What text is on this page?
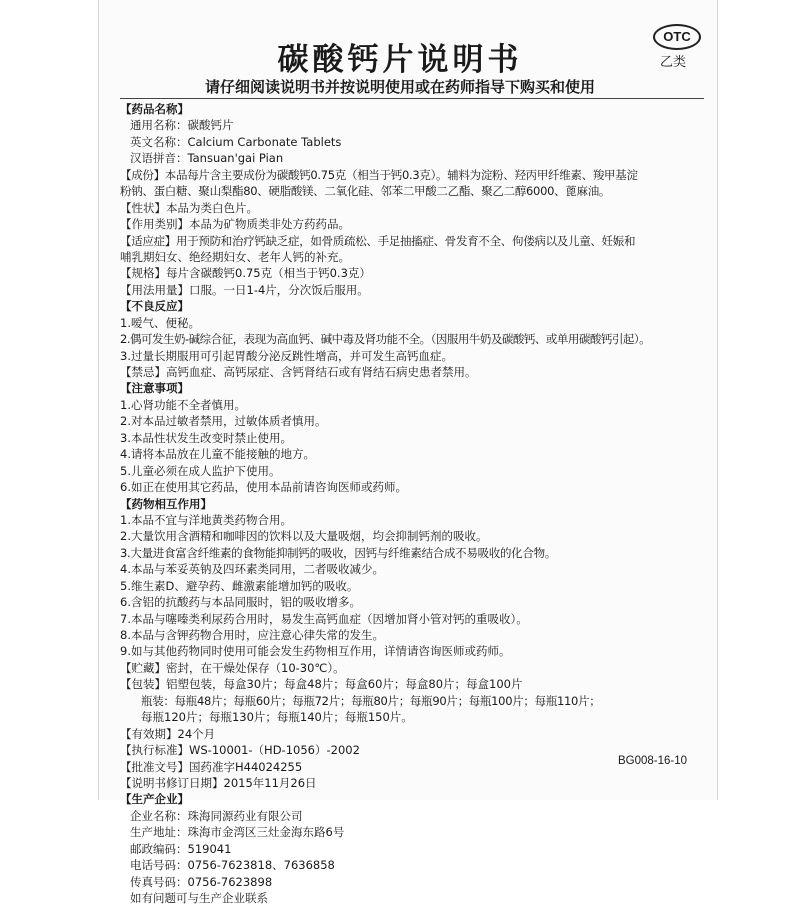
OTC
乙类
碳酸钙片说明书
请仔细阅读说明书并按说明使用或在药师指导下购买和使用
【药品名称】
通用名称：碳酸钙片
英文名称：Calcium Carbonate Tablets
汉语拼音：Tansuan'gai Pian
【成份】本品每片含主要成份为碳酸钙0.75克（相当于钙0.3克）。辅料为淀粉、羟丙甲纤维素、羧甲基淀
粉钠、蛋白糖、聚山梨酯80、硬脂酸镁、二氧化硅、邻苯二甲酸二乙酯、聚乙二醇6000、蓖麻油。
【性状】本品为类白色片。
【作用类别】本品为矿物质类非处方药药品。
【适应症】用于预防和治疗钙缺乏症，如骨质疏松、手足抽搐症、骨发育不全、佝偻病以及儿童、妊娠和
哺乳期妇女、绝经期妇女、老年人钙的补充。
【规格】每片含碳酸钙0.75克（相当于钙0.3克）
【用法用量】口服。一日1-4片，分次饭后服用。
【不良反应】
1.嗳气、便秘。
2.偶可发生奶-碱综合征，表现为高血钙、碱中毒及肾功能不全。（因服用牛奶及碳酸钙、或单用碳酸钙引起）。
3.过量长期服用可引起胃酸分泌反跳性增高，并可发生高钙血症。
【禁忌】高钙血症、高钙尿症、含钙肾结石或有肾结石病史患者禁用。
【注意事项】
1.心肾功能不全者慎用。
2.对本品过敏者禁用，过敏体质者慎用。
3.本品性状发生改变时禁止使用。
4.请将本品放在儿童不能接触的地方。
5.儿童必须在成人监护下使用。
6.如正在使用其它药品，使用本品前请咨询医师或药师。
【药物相互作用】
1.本品不宜与洋地黄类药物合用。
2.大量饮用含酒精和咖啡因的饮料以及大量吸烟，均会抑制钙剂的吸收。
3.大量进食富含纤维素的食物能抑制钙的吸收，因钙与纤维素结合成不易吸收的化合物。
4.本品与苯妥英钠及四环素类同用，二者吸收减少。
5.维生素D、避孕药、雌激素能增加钙的吸收。
6.含铝的抗酸药与本品同服时，铝的吸收增多。
7.本品与噻嗪类利尿药合用时，易发生高钙血症（因增加肾小管对钙的重吸收）。
8.本品与含钾药物合用时，应注意心律失常的发生。
9.如与其他药物同时使用可能会发生药物相互作用，详情请咨询医师或药师。
【贮藏】密封，在干燥处保存（10-30℃）。
【包装】铝塑包装，每盒30片；每盒48片；每盒60片；每盒80片；每盒100片
瓶装：每瓶48片；每瓶60片；每瓶72片；每瓶80片；每瓶90片；每瓶100片；每瓶110片；
每瓶120片；每瓶130片；每瓶140片；每瓶150片。
【有效期】24个月
【执行标准】WS-10001-（HD-1056）-2002
【批准文号】国药准字H44024255
【说明书修订日期】2015年11月26日
【生产企业】
企业名称：珠海同源药业有限公司
生产地址：珠海市金湾区三灶金海东路6号
邮政编码：519041
电话号码：0756-7623818、7636858
传真号码：0756-7623898
如有问题可与生产企业联系
BG008-16-10
